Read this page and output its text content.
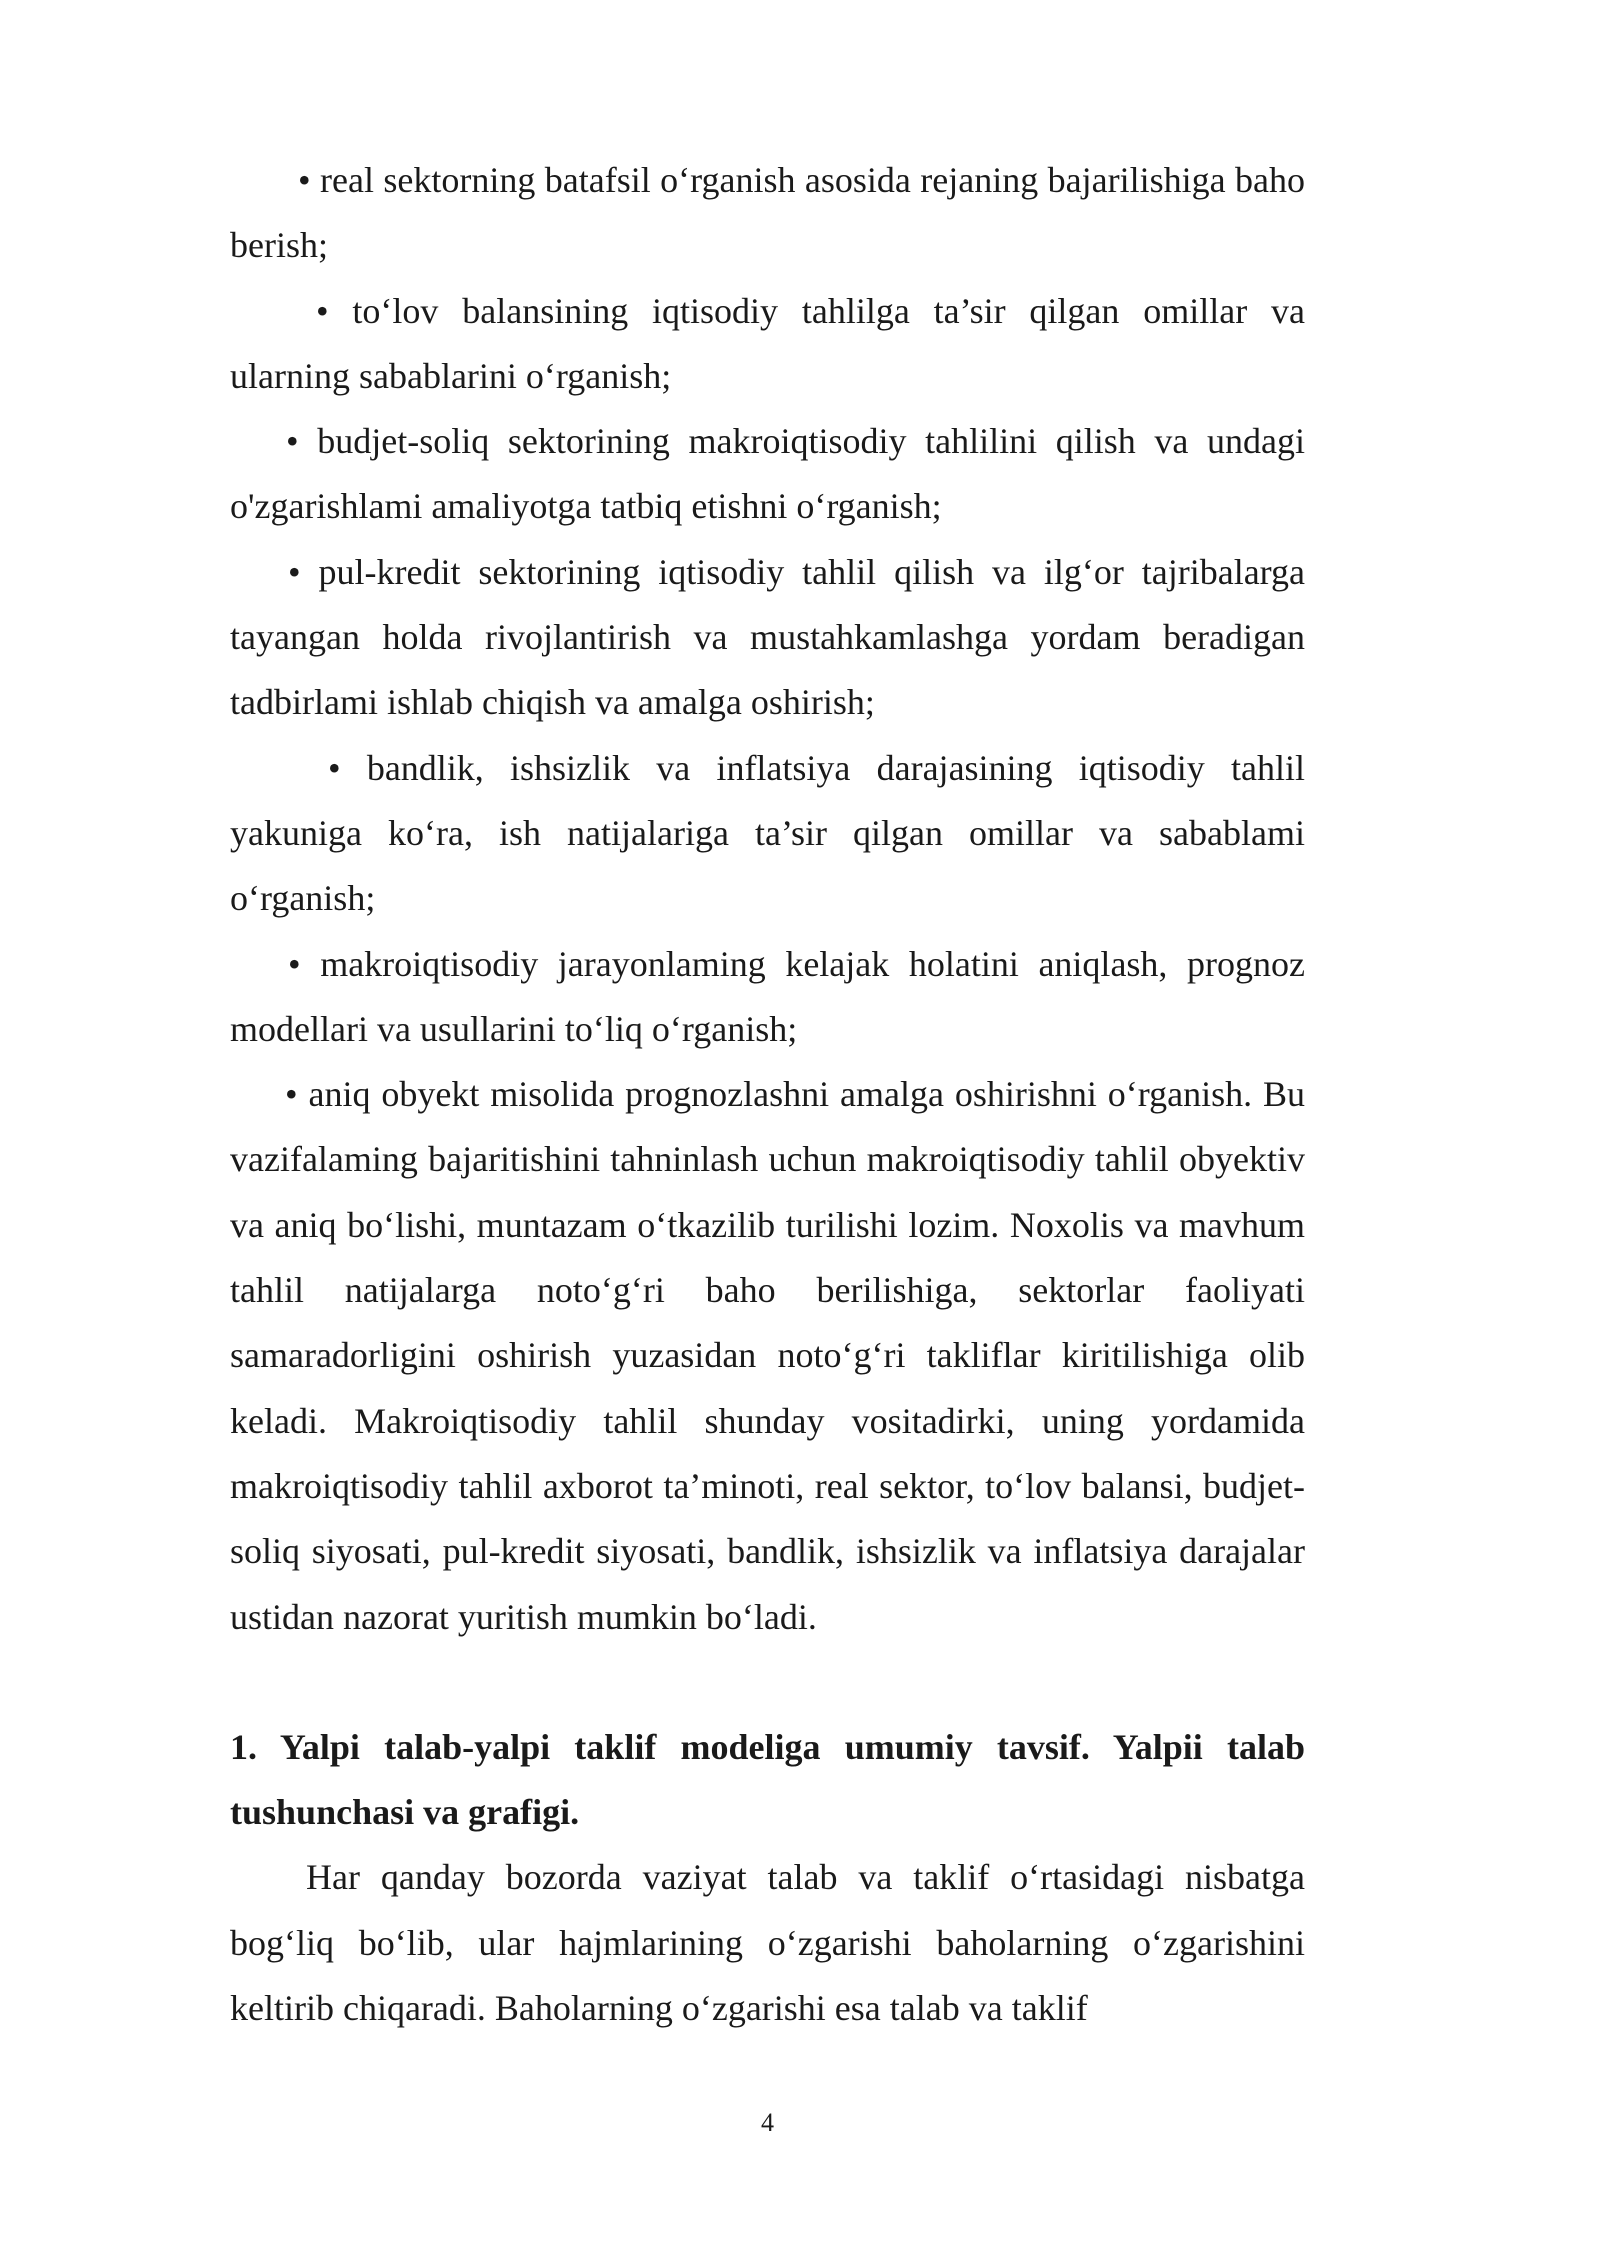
• real sektorning batafsil o‘rganish asosida rejaning bajarilishiga baho berish;

• to‘lov balansining iqtisodiy tahlilga ta’sir qilgan omillar va ularning sabablarini o‘rganish;

• budjet-soliq sektorining makroiqtisodiy tahlilini qilish va undagi o'zgarishlami amaliyotga tatbiq etishni o‘rganish;

• pul-kredit sektorining iqtisodiy tahlil qilish va ilg‘or tajribalarga tayangan holda rivojlantirish va mustahkamlashga yordam beradigan tadbirlami ishlab chiqish va amalga oshirish;

• bandlik, ishsizlik va inflatsiya darajasining iqtisodiy tahlil yakuniga ko‘ra, ish natijalariga ta’sir qilgan omillar va sabablami o‘rganish;

• makroiqtisodiy jarayonlaming kelajak holatini aniqlash, prognoz modellari va usullarini to‘liq o‘rganish;

• aniq obyekt misolida prognozlashni amalga oshirishni o‘rganish. Bu vazifalaming bajaritishini tahninlash uchun makroiqtisodiy tahlil obyektiv va aniq bo‘lishi, muntazam o‘tkazilib turilishi lozim. Noxolis va mavhum tahlil natijalarga noto‘g‘ri baho berilishiga, sektorlar faoliyati samaradorligini oshirish yuzasidan noto‘g‘ri takliflar kiritilishiga olib keladi. Makroiqtisodiy tahlil shunday vositadirki, uning yordamida makroiqtisodiy tahlil axborot ta’minoti, real sektor, to‘lov balansi, budjet-soliq siyosati, pul-kredit siyosati, bandlik, ishsizlik va inflatsiya darajalar ustidan nazorat yuritish mumkin bo‘ladi.

1. Yalpi talab-yalpi taklif modeliga umumiy tavsif. Yalpii talab tushunchasi va grafigi.

Har qanday bozorda vaziyat talab va taklif o‘rtasidagi nisbatga bog‘liq bo‘lib, ular hajmlarining o‘zgarishi baholarning o‘zgarishini keltirib chiqaradi. Baholarning o‘zgarishi esa talab va taklif

4
